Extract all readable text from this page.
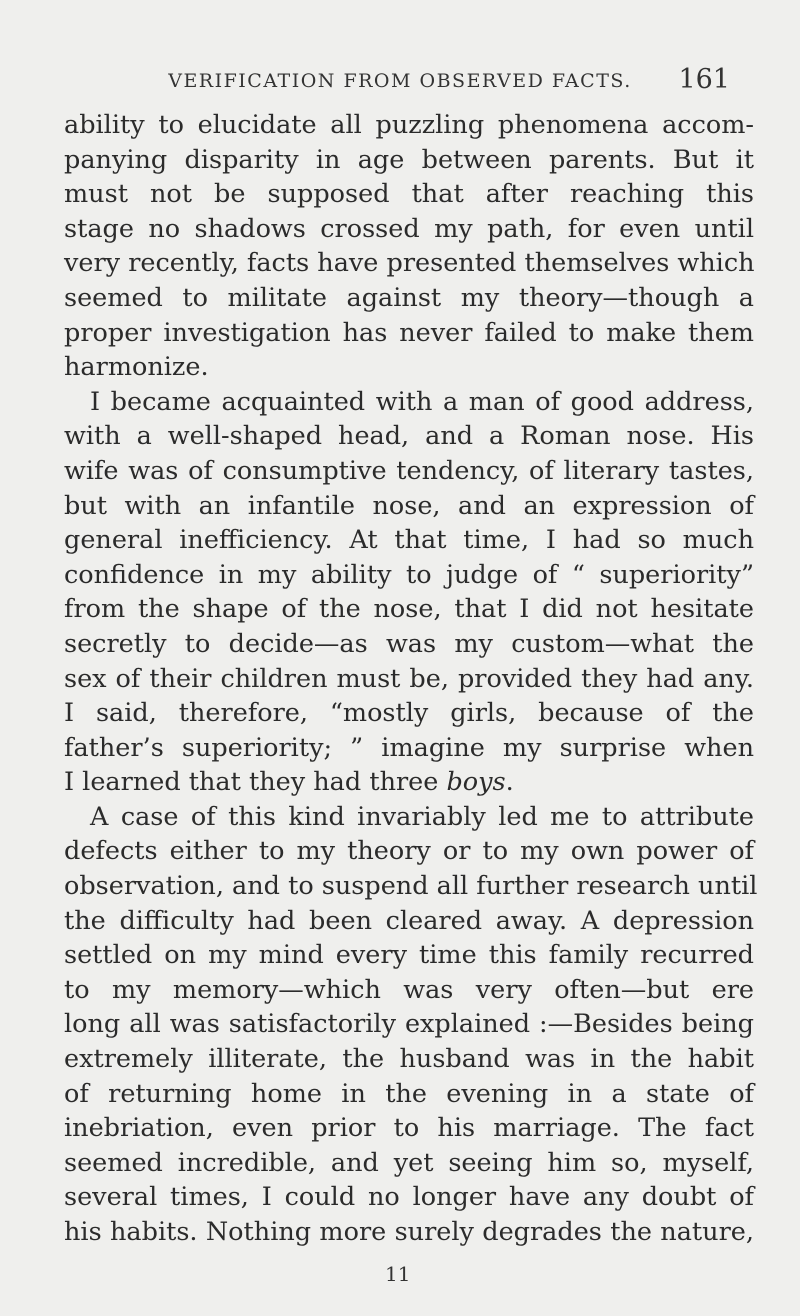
VERIFICATION FROM OBSERVED FACTS.	161
ability to elucidate all puzzling phenomena accom-
panying disparity in age between parents. But it
must not be supposed that after reaching this
stage no shadows crossed my path, for even until
very recently, facts have presented themselves which
seemed to militate against my theory—though a
proper investigation has never failed to make them
harmonize.
I became acquainted with a man of good address,
with a well-shaped head, and a Roman nose. His
wife was of consumptive tendency, of literary tastes,
but with an infantile nose, and an expression of
general inefficiency. At that time, I had so much
confidence in my ability to judge of “ superiority”
from the shape of the nose, that I did not hesitate
secretly to decide—as was my custom—what the
sex of their children must be, provided they had any.
I said, therefore, “mostly girls, because of the
father’s superiority; ” imagine my surprise when
I learned that they had three boys.
A case of this kind invariably led me to attribute
defects either to my theory or to my own power of
observation, and to suspend all further research until
the difficulty had been cleared away. A depression
settled on my mind every time this family recurred
to my memory—which was very often—but ere
long all was satisfactorily explained :—Besides being
extremely illiterate, the husband was in the habit
of returning home in the evening in a state of
inebriation, even prior to his marriage. The fact
seemed incredible, and yet seeing him so, myself,
several times, I could no longer have any doubt of
his habits. Nothing more surely degrades the nature,
11
